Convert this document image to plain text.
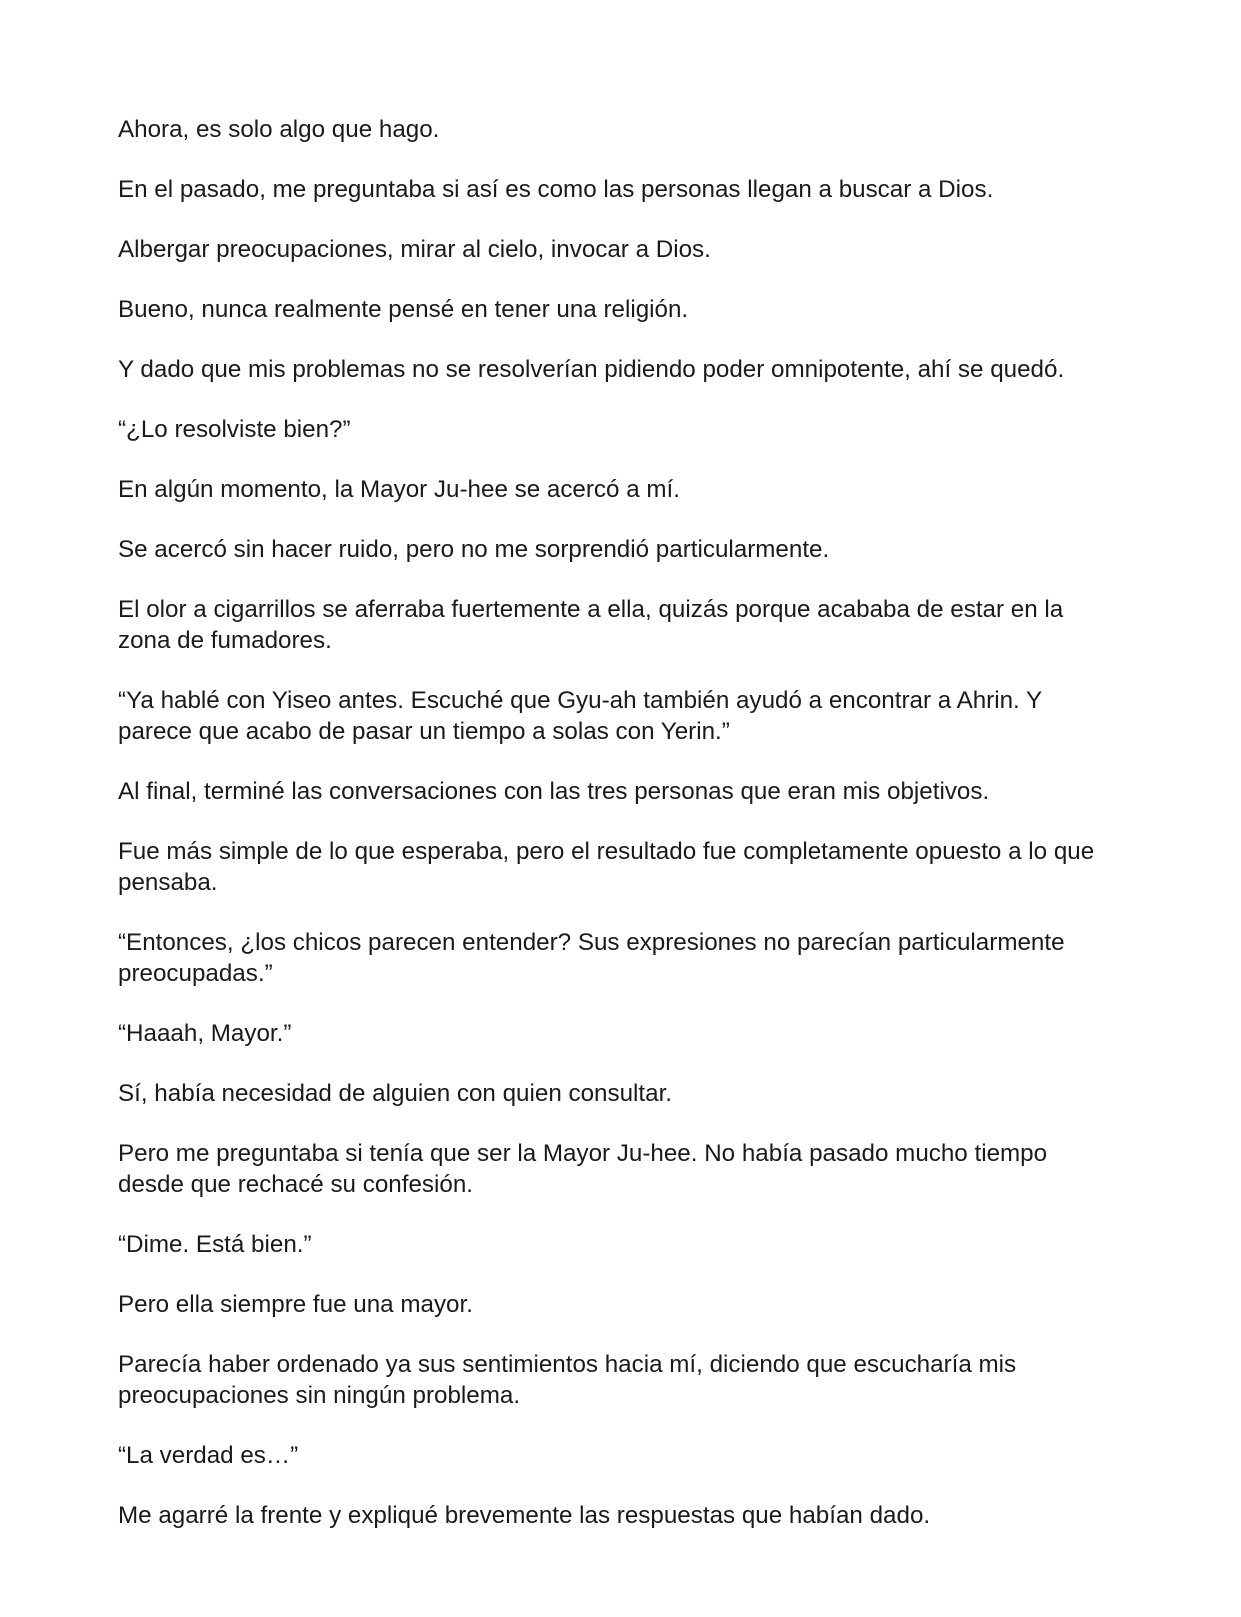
Ahora, es solo algo que hago.

En el pasado, me preguntaba si así es como las personas llegan a buscar a Dios.

Albergar preocupaciones, mirar al cielo, invocar a Dios.

Bueno, nunca realmente pensé en tener una religión.

Y dado que mis problemas no se resolverían pidiendo poder omnipotente, ahí se quedó.

“¿Lo resolviste bien?”

En algún momento, la Mayor Ju-hee se acercó a mí.

Se acercó sin hacer ruido, pero no me sorprendió particularmente.

El olor a cigarrillos se aferraba fuertemente a ella, quizás porque acababa de estar en la zona de fumadores.

“Ya hablé con Yiseo antes. Escuché que Gyu-ah también ayudó a encontrar a Ahrin. Y parece que acabo de pasar un tiempo a solas con Yerin.”

Al final, terminé las conversaciones con las tres personas que eran mis objetivos.

Fue más simple de lo que esperaba, pero el resultado fue completamente opuesto a lo que pensaba.

“Entonces, ¿los chicos parecen entender? Sus expresiones no parecían particularmente preocupadas.”

“Haaah, Mayor.”

Sí, había necesidad de alguien con quien consultar.

Pero me preguntaba si tenía que ser la Mayor Ju-hee. No había pasado mucho tiempo desde que rechacé su confesión.

“Dime. Está bien.”

Pero ella siempre fue una mayor.

Parecía haber ordenado ya sus sentimientos hacia mí, diciendo que escucharía mis preocupaciones sin ningún problema.

“La verdad es…”

Me agarré la frente y expliqué brevemente las respuestas que habían dado.
